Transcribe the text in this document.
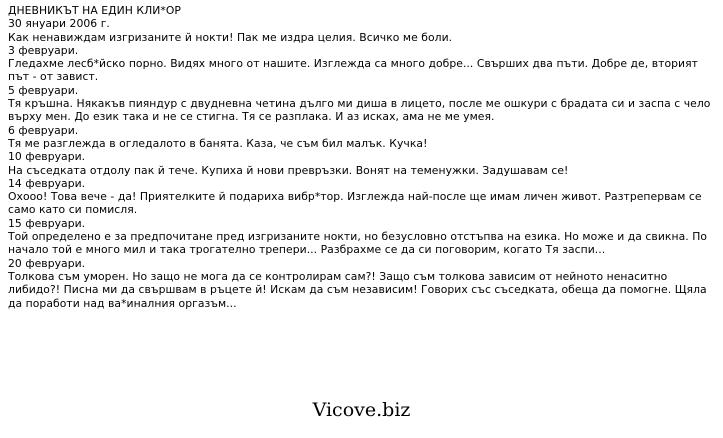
ДНЕВНИКЪТ НА ЕДИН КЛИ*ОР

30 януари 2006 г.

Как ненавиждам изгризаните й нокти! Пак ме издра целия. Всичко ме боли.

3 февруари.

Гледахме лесб*йско порно. Видях много от нашите. Изглежда са много добре... Свърших два пъти. Добре де, вторият път - от завист.

5 февруари.

Тя кръшна. Някакъв пияндур с двудневна четина дълго ми диша в лицето, после ме ошкури с брадата си и заспа с чело върху мен. До език така и не се стигна. Тя се разплака. И аз исках, ама не ме умея.

6 февруари.

Тя ме разглежда в огледалото в банята. Каза, че съм бил малък. Кучка!

10 февруари.

На съседката отдолу пак й тече. Купиха й нови превръзки. Вонят на теменужки. Задушавам се!

14 февруари.

Охооо! Това вече - да! Приятелките й подариха вибр*тор. Изглежда най-после ще имам личен живот. Разтрепервам се само като си помисля.

15 февруари.

Той определено е за предпочитане пред изгризаните нокти, но безусловно отстъпва на езика. Но може и да свикна. По начало той е много мил и така трогателно трепери... Разбрахме се да си поговорим, когато Тя заспи...

20 февруари.

Толкова съм уморен. Но защо не мога да се контролирам сам?! Защо съм толкова зависим от нейното ненаситно либидо?! Писна ми да свършвам в ръцете й! Искам да съм независим! Говорих със съседката, обеща да помогне. Щяла да поработи над ва*иналния оргазъм...

Vicove.biz
